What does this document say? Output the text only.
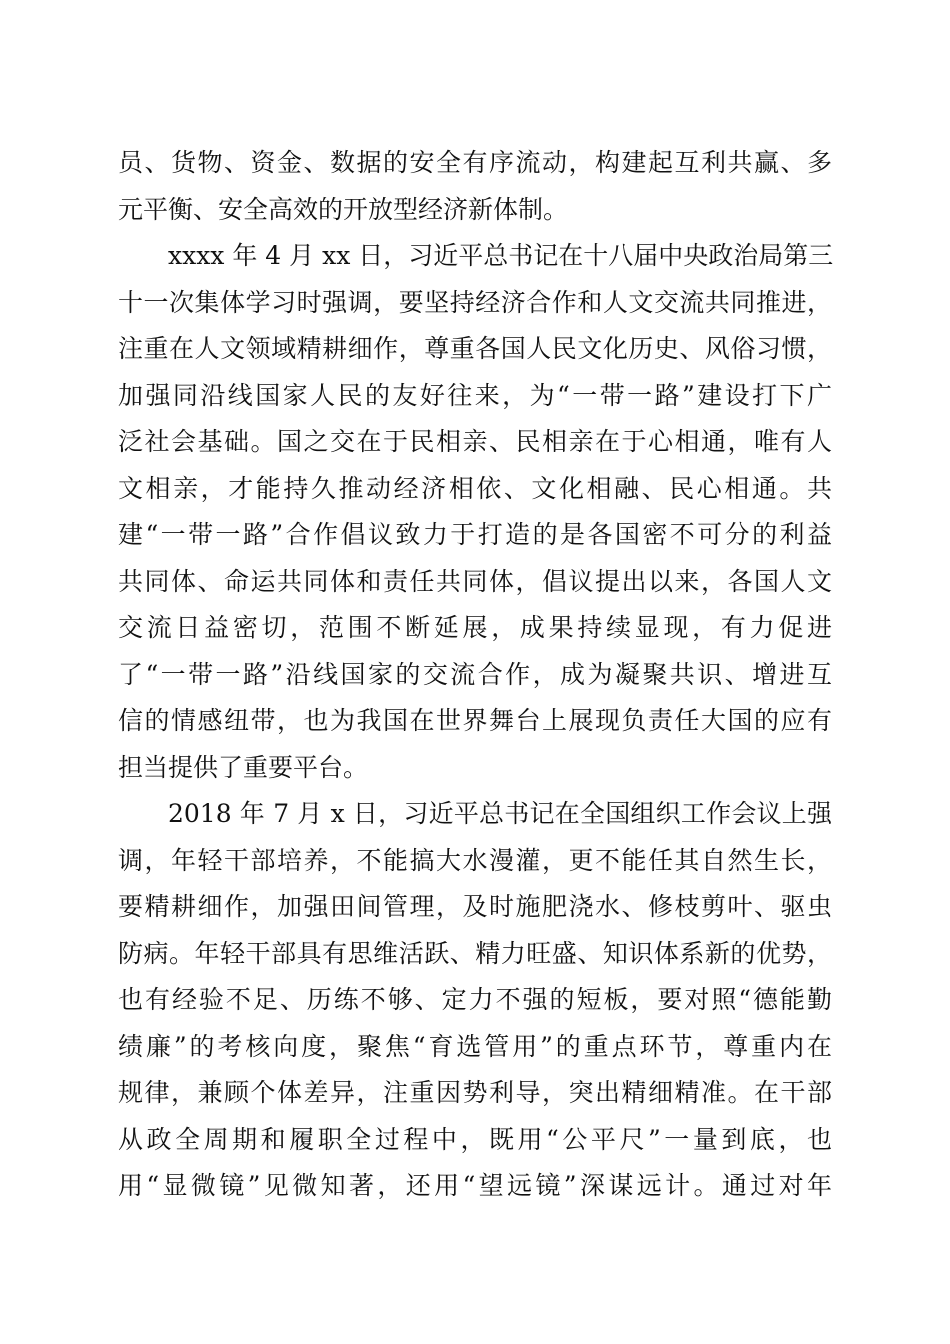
员、货物、资金、数据的安全有序流动，构建起互利共赢、多
元平衡、安全高效的开放型经济新体制。
xxxx 年 4 月 xx 日，习近平总书记在十八届中央政治局第三
十一次集体学习时强调，要坚持经济合作和人文交流共同推进，
注重在人文领域精耕细作，尊重各国人民文化历史、风俗习惯，
加强同沿线国家人民的友好往来，为“一带一路”建设打下广
泛社会基础。国之交在于民相亲、民相亲在于心相通，唯有人
文相亲，才能持久推动经济相依、文化相融、民心相通。共
建“一带一路”合作倡议致力于打造的是各国密不可分的利益
共同体、命运共同体和责任共同体，倡议提出以来，各国人文
交流日益密切，范围不断延展，成果持续显现，有力促进
了“一带一路”沿线国家的交流合作，成为凝聚共识、增进互
信的情感纽带，也为我国在世界舞台上展现负责任大国的应有
担当提供了重要平台。
2018 年 7 月 x 日，习近平总书记在全国组织工作会议上强
调，年轻干部培养，不能搞大水漫灌，更不能任其自然生长，
要精耕细作，加强田间管理，及时施肥浇水、修枝剪叶、驱虫
防病。年轻干部具有思维活跃、精力旺盛、知识体系新的优势，
也有经验不足、历练不够、定力不强的短板，要对照“德能勤
绩廉”的考核向度，聚焦“育选管用”的重点环节，尊重内在
规律，兼顾个体差异，注重因势利导，突出精细精准。在干部
从政全周期和履职全过程中，既用“公平尺”一量到底，也
用“显微镜”见微知著，还用“望远镜”深谋远计。通过对年
